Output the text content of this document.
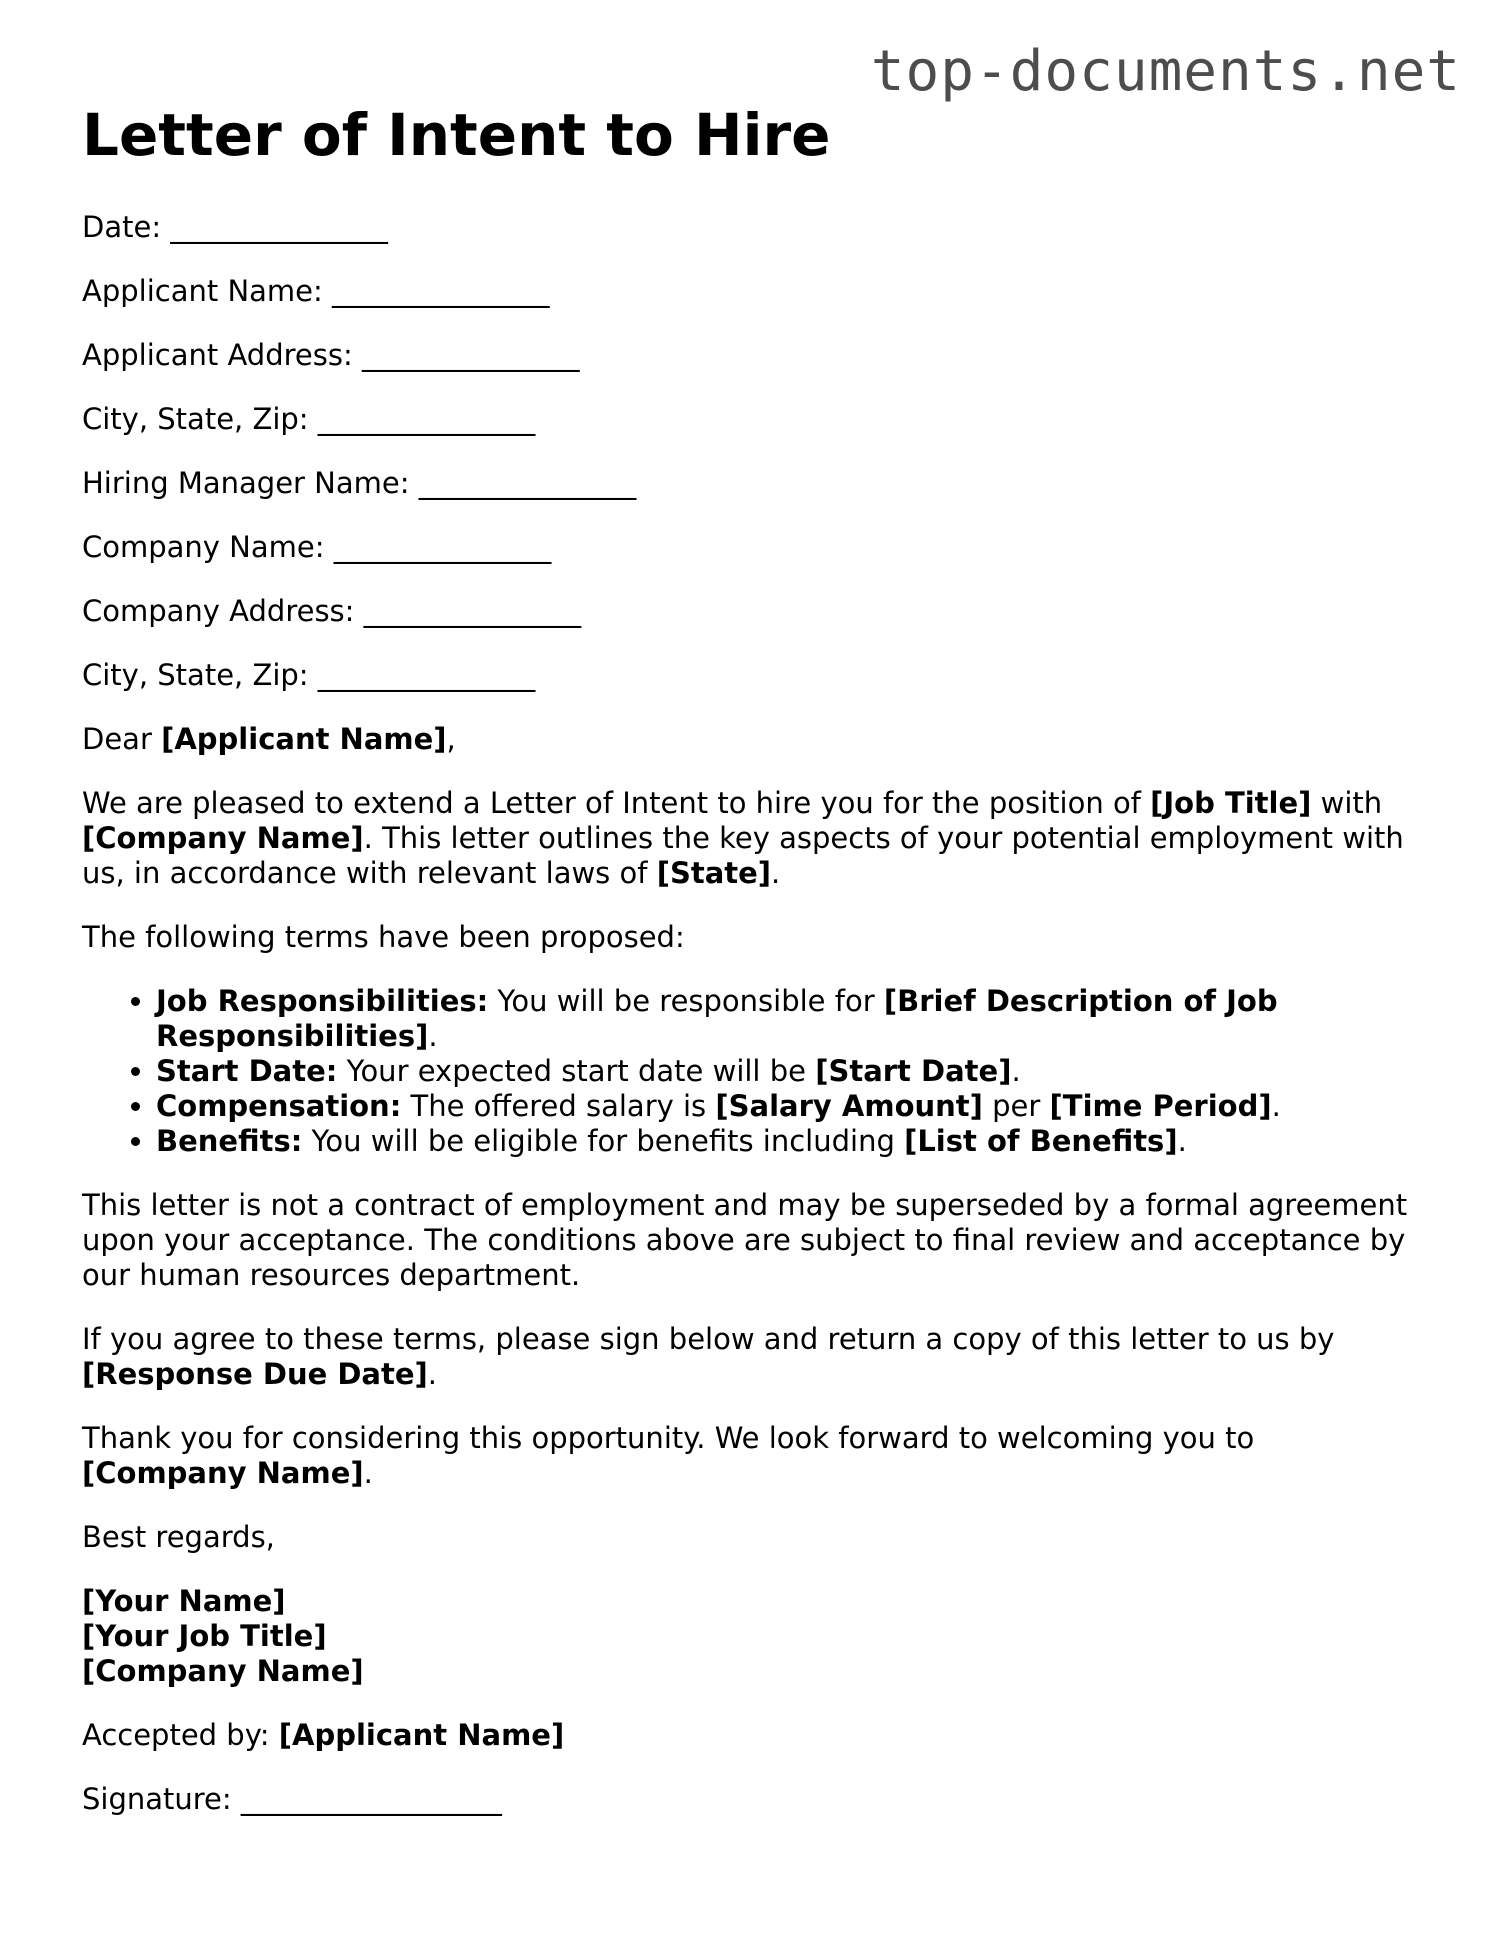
top-documents.net
Letter of Intent to Hire
Date: _______________
Applicant Name: _______________
Applicant Address: _______________
City, State, Zip: _______________
Hiring Manager Name: _______________
Company Name: _______________
Company Address: _______________
City, State, Zip: _______________

Dear [Applicant Name],

We are pleased to extend a Letter of Intent to hire you for the position of [Job Title] with [Company Name]. This letter outlines the key aspects of your potential employment with us, in accordance with relevant laws of [State].

The following terms have been proposed:

• Job Responsibilities: You will be responsible for [Brief Description of Job Responsibilities].
• Start Date: Your expected start date will be [Start Date].
• Compensation: The offered salary is [Salary Amount] per [Time Period].
• Benefits: You will be eligible for benefits including [List of Benefits].

This letter is not a contract of employment and may be superseded by a formal agreement upon your acceptance. The conditions above are subject to final review and acceptance by our human resources department.

If you agree to these terms, please sign below and return a copy of this letter to us by [Response Due Date].

Thank you for considering this opportunity. We look forward to welcoming you to [Company Name].

Best regards,

[Your Name]
[Your Job Title]
[Company Name]

Accepted by: [Applicant Name]

Signature: __________________
